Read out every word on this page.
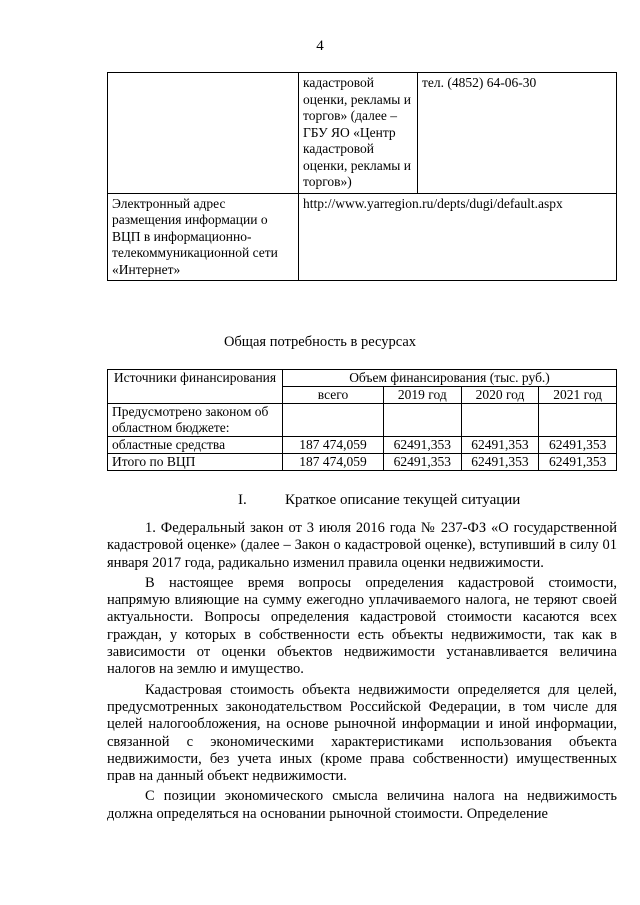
4
	кадастровой оценки, рекламы и торгов» (далее – ГБУ ЯО «Центр кадастровой оценки, рекламы и торгов»)	тел. (4852) 64-06-30
Электронный адрес размещения информации о ВЦП в информационно-телекоммуникационной сети «Интернет»	http://www.yarregion.ru/depts/dugi/default.aspx	
Общая потребность в ресурсах
Источники финансирования	Объем финансирования (тыс. руб.)			
	всего	2019 год	2020 год	2021 год
Предусмотрено законом об областном бюджете:				
областные средства	187 474,059	62491,353	62491,353	62491,353
Итого по ВЦП	187 474,059	62491,353	62491,353	62491,353
I.	Краткое описание текущей ситуации

1. Федеральный закон от 3 июля 2016 года № 237-ФЗ «О государственной кадастровой оценке» (далее – Закон о кадастровой оценке), вступивший в силу 01 января 2017 года, радикально изменил правила оценки недвижимости.

В настоящее время вопросы определения кадастровой стоимости, напрямую влияющие на сумму ежегодно уплачиваемого налога, не теряют своей актуальности. Вопросы определения кадастровой стоимости касаются всех граждан, у которых в собственности есть объекты недвижимости, так как в зависимости от оценки объектов недвижимости устанавливается величина налогов на землю и имущество.

Кадастровая стоимость объекта недвижимости определяется для целей, предусмотренных законодательством Российской Федерации, в том числе для целей налогообложения, на основе рыночной информации и иной информации, связанной с экономическими характеристиками использования объекта недвижимости, без учета иных (кроме права собственности) имущественных прав на данный объект недвижимости.

С позиции экономического смысла величина налога на недвижимость должна определяться на основании рыночной стоимости. Определение
